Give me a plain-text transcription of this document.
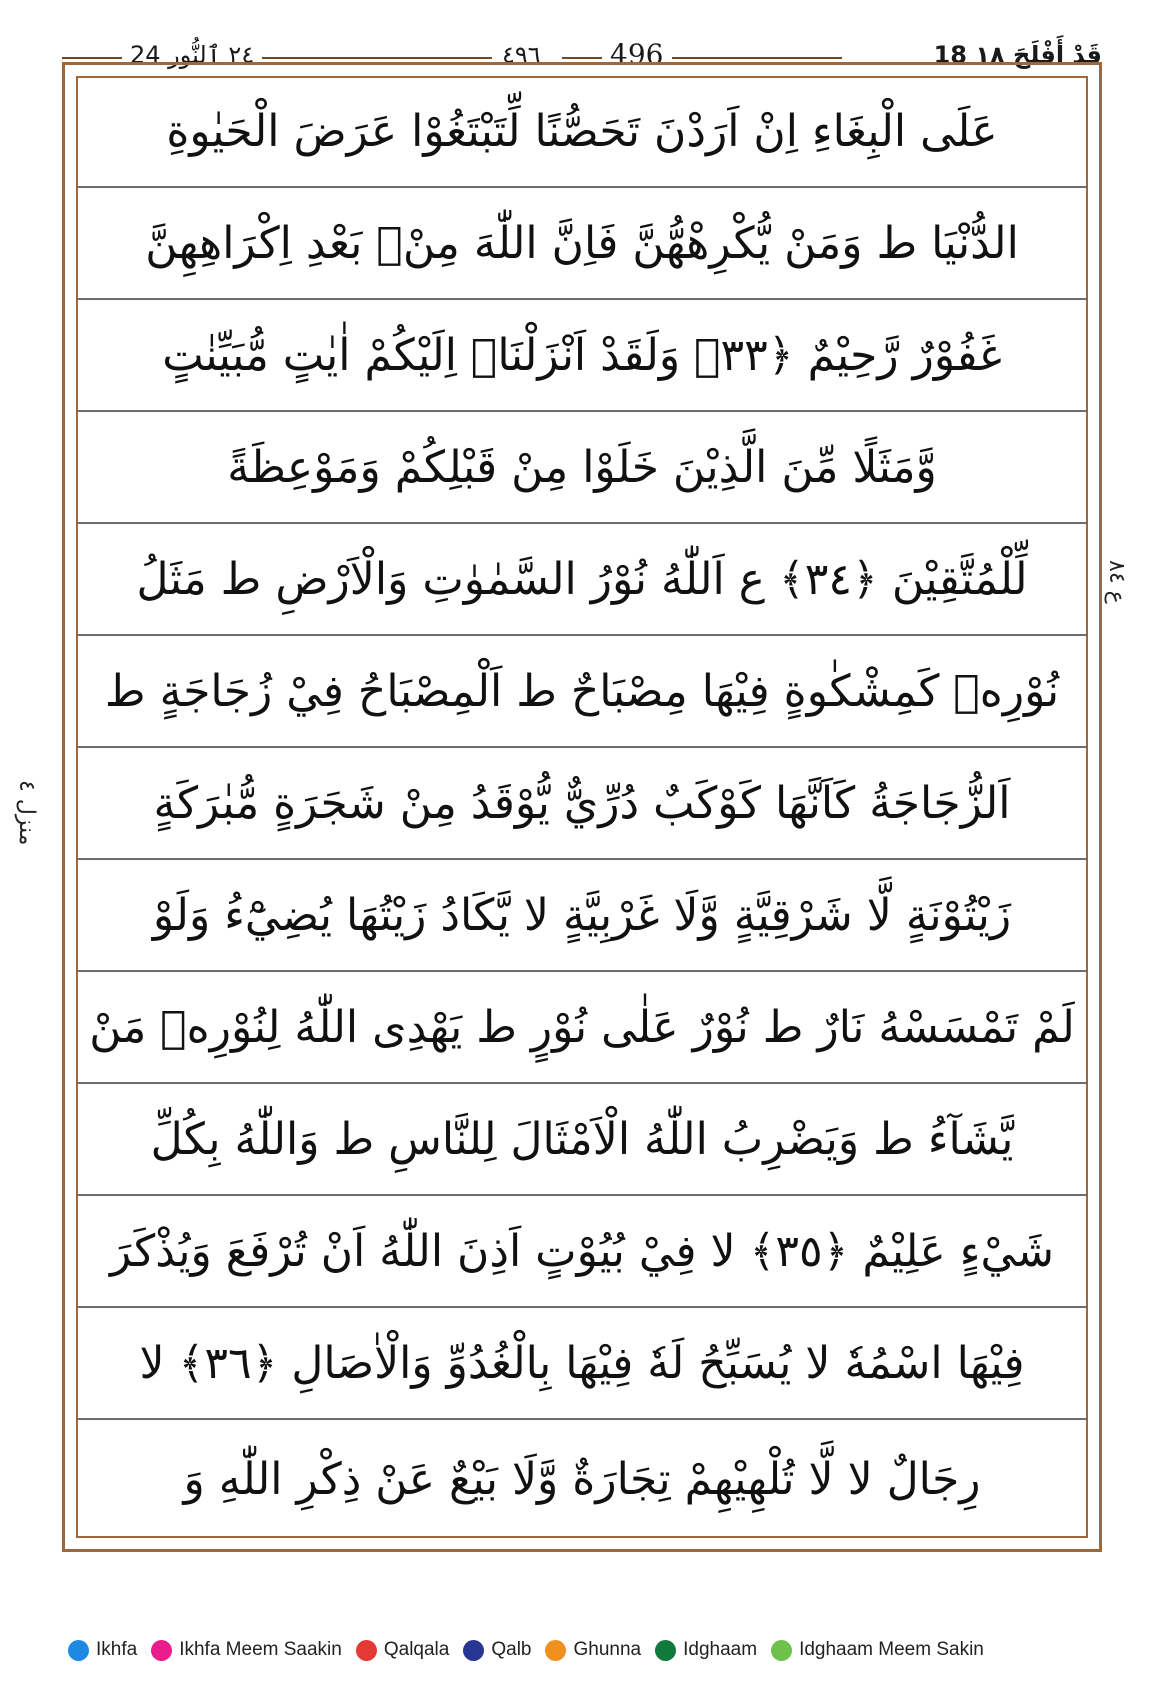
٢٤ ٱلنُّور 24	٤٩٦ 496	18 قَدْ أَفْلَحَ ١٨
عَلَى الْبِغَاءِ اِنْ اَرَدْنَ تَحَصُّنًا لِّتَبْتَغُوْا عَرَضَ الْحَيٰوةِ
الدُّنْيَا ط وَمَنْ يُّكْرِهْهُّنَّ فَاِنَّ اللّٰهَ مِنْۢ بَعْدِ اِكْرَاهِهِنَّ
غَفُوْرٌ رَّحِيْمٌ ﴿٣٣﴾ وَلَقَدْ اَنْزَلْنَاۤ اِلَيْكُمْ اٰيٰتٍ مُّبَيِّنٰتٍ
وَّمَثَلًا مِّنَ الَّذِيْنَ خَلَوْا مِنْ قَبْلِكُمْ وَمَوْعِظَةً
لِّلْمُتَّقِيْنَ ﴿٣٤﴾ ع اَللّٰهُ نُوْرُ السَّمٰوٰتِ وَالْاَرْضِ ط مَثَلُ
نُوْرِهٖ كَمِشْكٰوةٍ فِيْهَا مِصْبَاحٌ ط اَلْمِصْبَاحُ فِيْ زُجَاجَةٍ ط
اَلزُّجَاجَةُ كَاَنَّهَا كَوْكَبٌ دُرِّيٌّ يُّوْقَدُ مِنْ شَجَرَةٍ مُّبٰرَكَةٍ
زَيْتُوْنَةٍ لَّا شَرْقِيَّةٍ وَّلَا غَرْبِيَّةٍ لا يَّكَادُ زَيْتُهَا يُضِيْٓءُ وَلَوْ
لَمْ تَمْسَسْهُ نَارٌ ط نُوْرٌ عَلٰى نُوْرٍ ط يَهْدِى اللّٰهُ لِنُوْرِهٖ مَنْ
يَّشَآءُ ط وَيَضْرِبُ اللّٰهُ الْاَمْثَالَ لِلنَّاسِ ط وَاللّٰهُ بِكُلِّ
شَيْءٍ عَلِيْمٌ ﴿٣٥﴾ لا فِيْ بُيُوْتٍ اَذِنَ اللّٰهُ اَنْ تُرْفَعَ وَيُذْكَرَ
فِيْهَا اسْمُهٗ لا يُسَبِّحُ لَهٗ فِيْهَا بِالْغُدُوِّ وَالْاٰصَالِ ﴿٣٦﴾ لا
رِجَالٌ لا لَّا تُلْهِيْهِمْ تِجَارَةٌ وَّلَا بَيْعٌ عَنْ ذِكْرِ اللّٰهِ وَ
منزل ٤
ع ٨٤
Ikhfa Ikhfa Meem Saakin Qalqala Qalb Ghunna Idghaam Idghaam Meem Sakin
